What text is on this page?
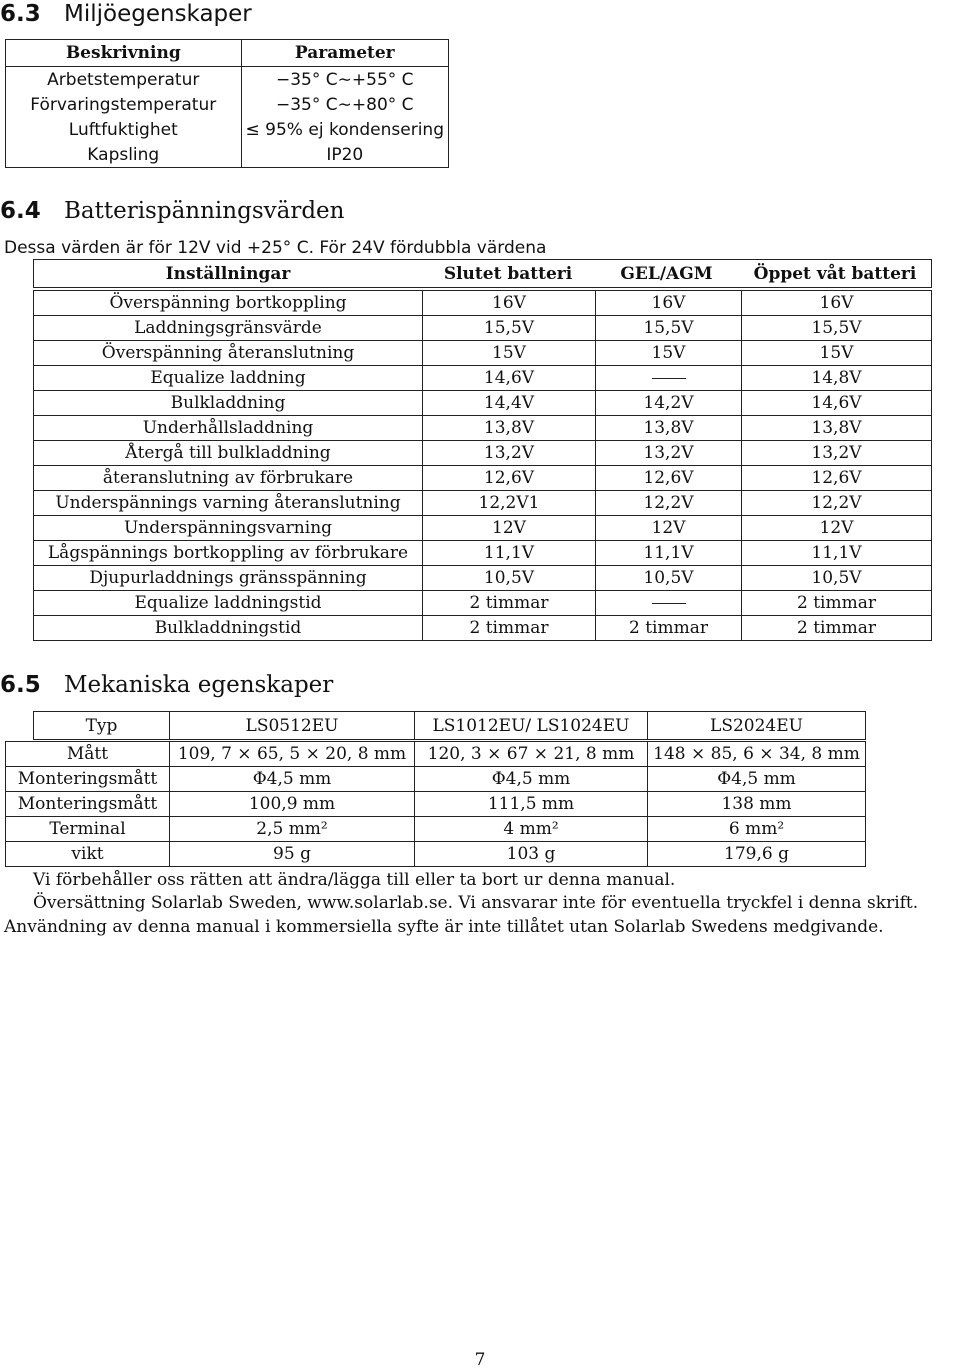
6.3 Miljöegenskaper
Beskrivning	Parameter
Arbetstemperatur	−35° C∼+55° C
Förvaringstemperatur	−35° C∼+80° C
Luftfuktighet	≤ 95% ej kondensering
Kapsling	IP20
6.4 Batterispänningsvärden
Dessa värden är för 12V vid +25° C. För 24V fördubbla värdena
Inställningar	Slutet batteri	GEL/AGM	Öppet våt batteri
Överspänning bortkoppling	16V	16V	16V
Laddningsgränsvärde	15,5V	15,5V	15,5V
Överspänning återanslutning	15V	15V	15V
Equalize laddning	14,6V		14,8V
Bulkladdning	14,4V	14,2V	14,6V
Underhållsladdning	13,8V	13,8V	13,8V
Återgå till bulkladdning	13,2V	13,2V	13,2V
återanslutning av förbrukare	12,6V	12,6V	12,6V
Underspännings varning återanslutning	12,2V1	12,2V	12,2V
Underspänningsvarning	12V	12V	12V
Lågspännings bortkoppling av förbrukare	11,1V	11,1V	11,1V
Djupurladdnings gränsspänning	10,5V	10,5V	10,5V
Equalize laddningstid	2 timmar		2 timmar
Bulkladdningstid	2 timmar	2 timmar	2 timmar
6.5 Mekaniska egenskaper
Typ	LS0512EU	LS1012EU/ LS1024EU	LS2024EU
Mått	109, 7 × 65, 5 × 20, 8 mm	120, 3 × 67 × 21, 8 mm	148 × 85, 6 × 34, 8 mm
Monteringsmått	Φ4,5 mm	Φ4,5 mm	Φ4,5 mm
Monteringsmått	100,9 mm	111,5 mm	138 mm
Terminal	2,5 mm²	4 mm²	6 mm²
vikt	95 g	103 g	179,6 g
Vi förbehåller oss rätten att ändra/lägga till eller ta bort ur denna manual.
Översättning Solarlab Sweden, www.solarlab.se. Vi ansvarar inte för eventuella tryckfel i denna skrift.
Användning av denna manual i kommersiella syfte är inte tillåtet utan Solarlab Swedens medgivande.
7
